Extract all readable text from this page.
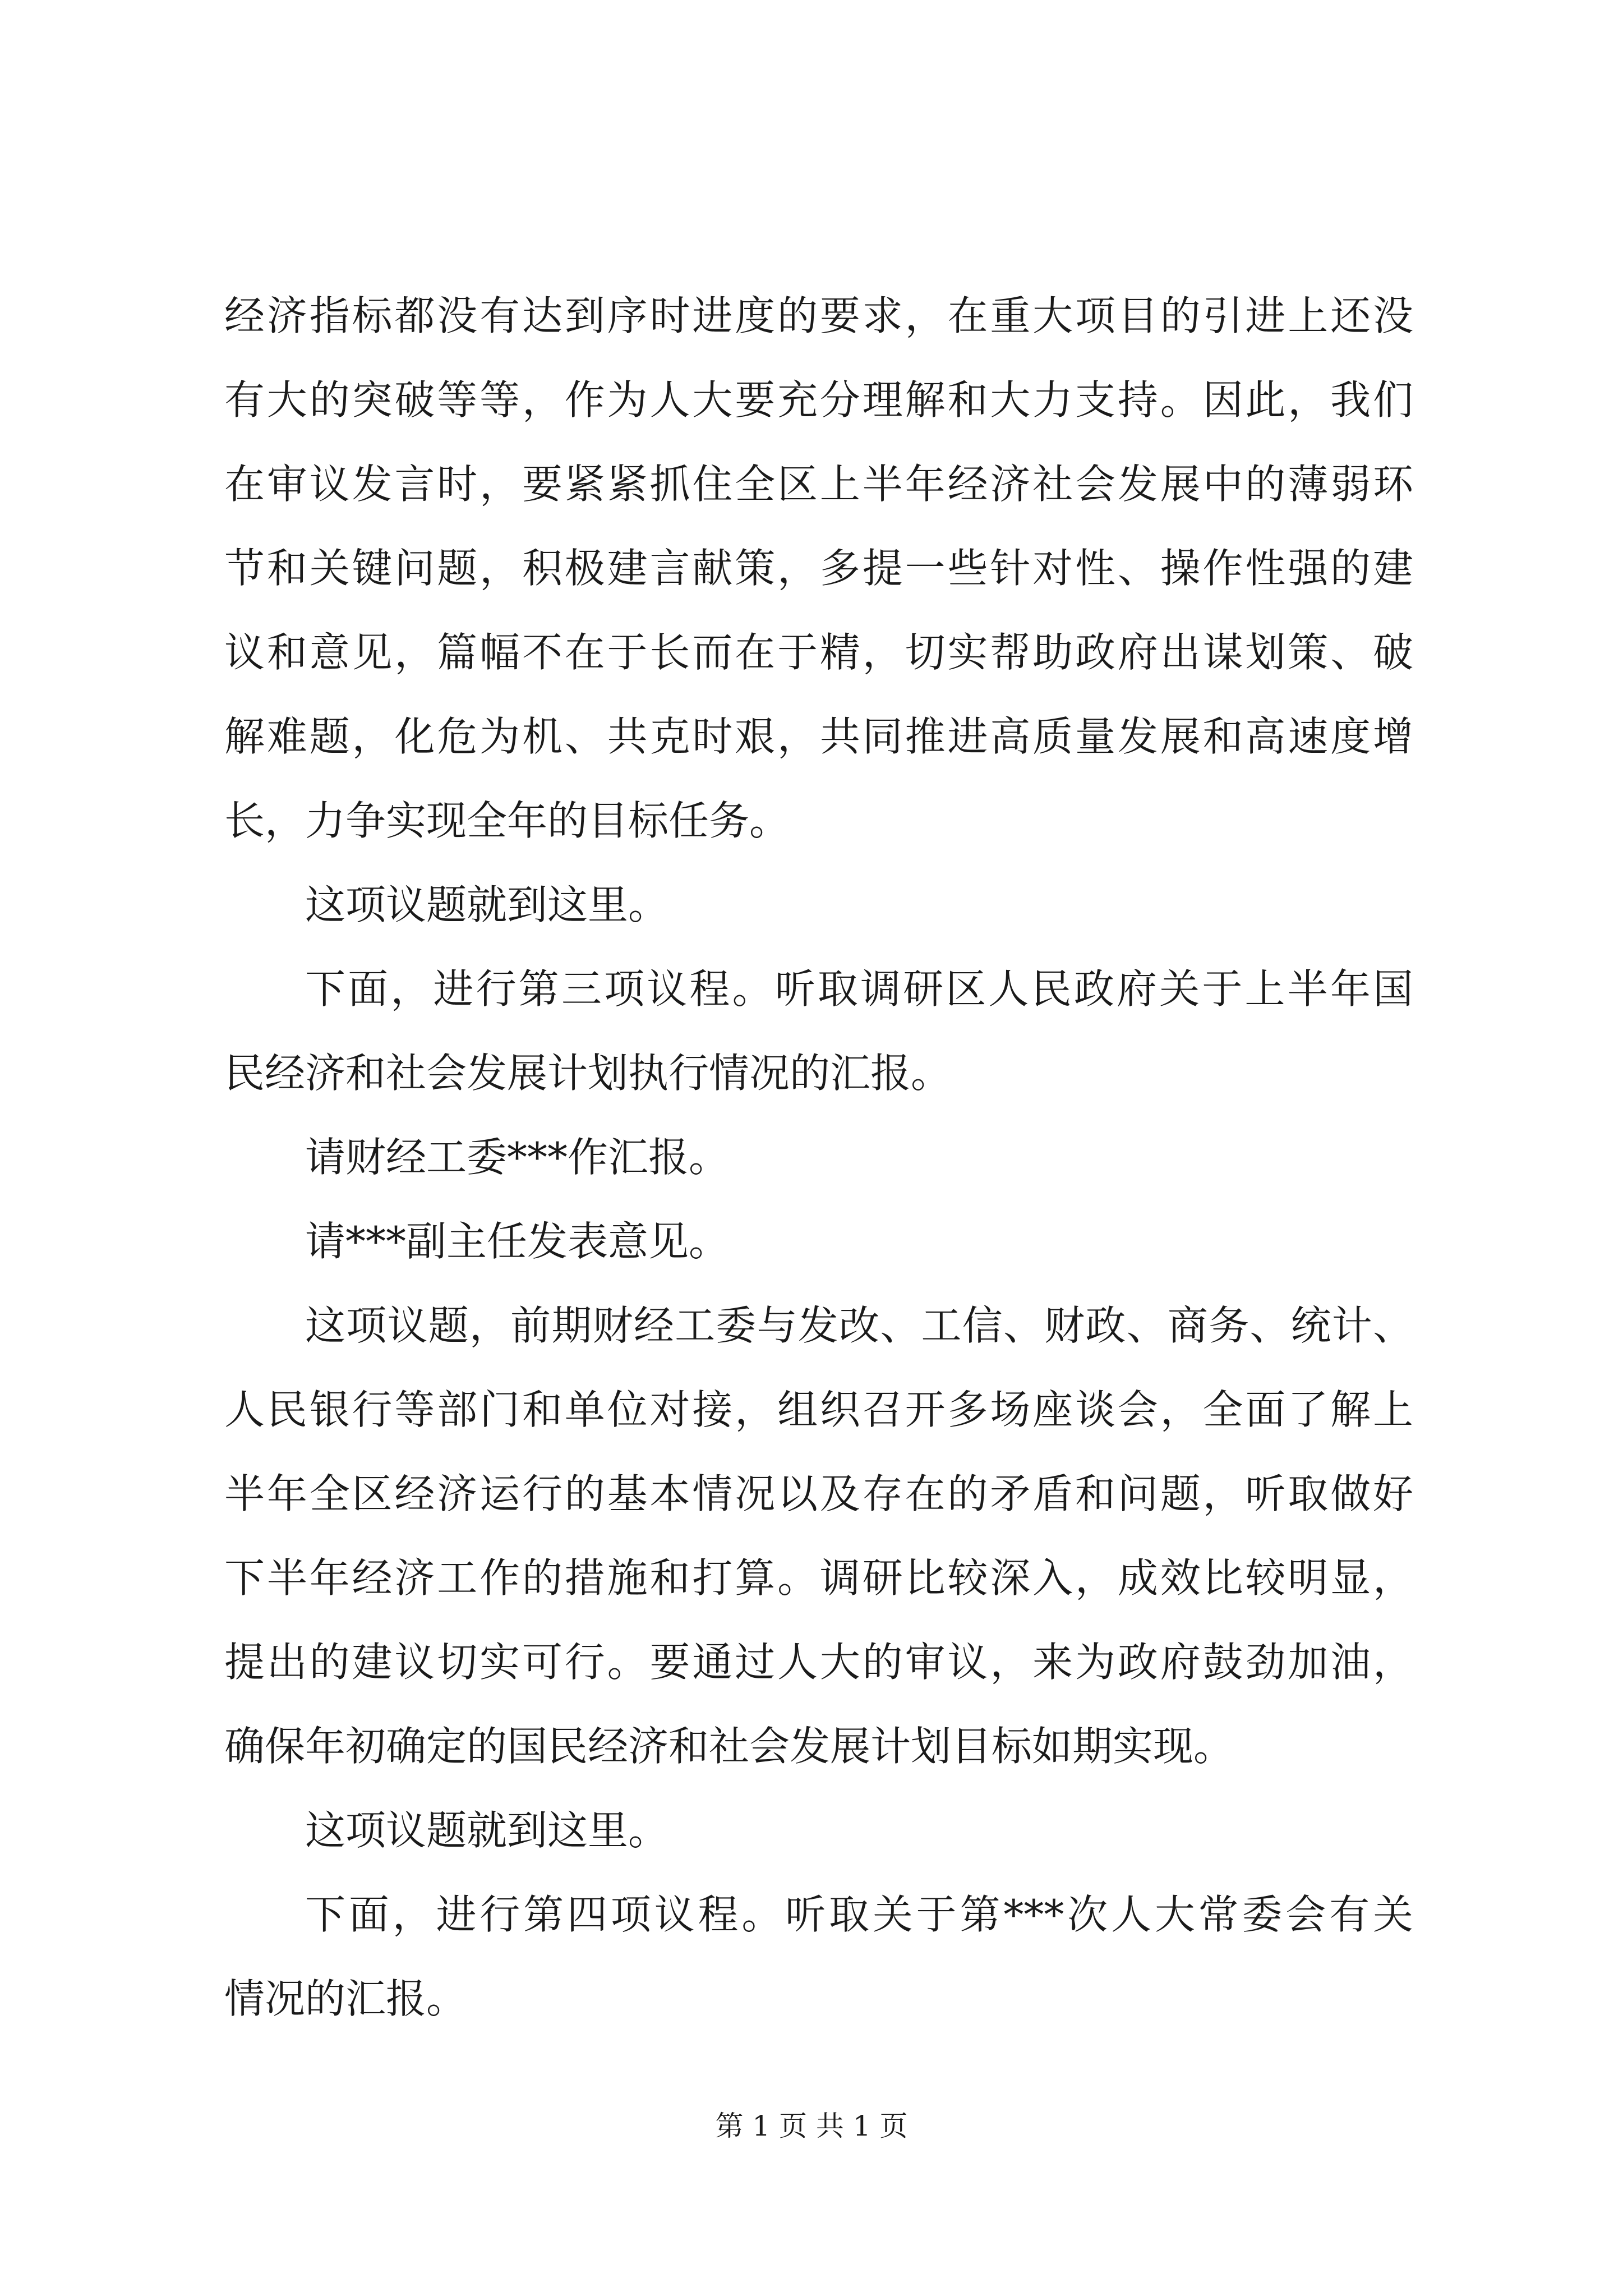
经济指标都没有达到序时进度的要求，在重大项目的引进上还没
有大的突破等等，作为人大要充分理解和大力支持。因此，我们
在审议发言时，要紧紧抓住全区上半年经济社会发展中的薄弱环
节和关键问题，积极建言献策，多提一些针对性、操作性强的建
议和意见，篇幅不在于长而在于精，切实帮助政府出谋划策、破
解难题，化危为机、共克时艰，共同推进高质量发展和高速度增
长，力争实现全年的目标任务。
这项议题就到这里。
下面，进行第三项议程。听取调研区人民政府关于上半年国
民经济和社会发展计划执行情况的汇报。
请财经工委***作汇报。
请***副主任发表意见。
这项议题，前期财经工委与发改、工信、财政、商务、统计、
人民银行等部门和单位对接，组织召开多场座谈会，全面了解上
半年全区经济运行的基本情况以及存在的矛盾和问题，听取做好
下半年经济工作的措施和打算。调研比较深入，成效比较明显，
提出的建议切实可行。要通过人大的审议，来为政府鼓劲加油，
确保年初确定的国民经济和社会发展计划目标如期实现。
这项议题就到这里。
下面，进行第四项议程。听取关于第***次人大常委会有关
情况的汇报。
第 1 页 共 1 页
